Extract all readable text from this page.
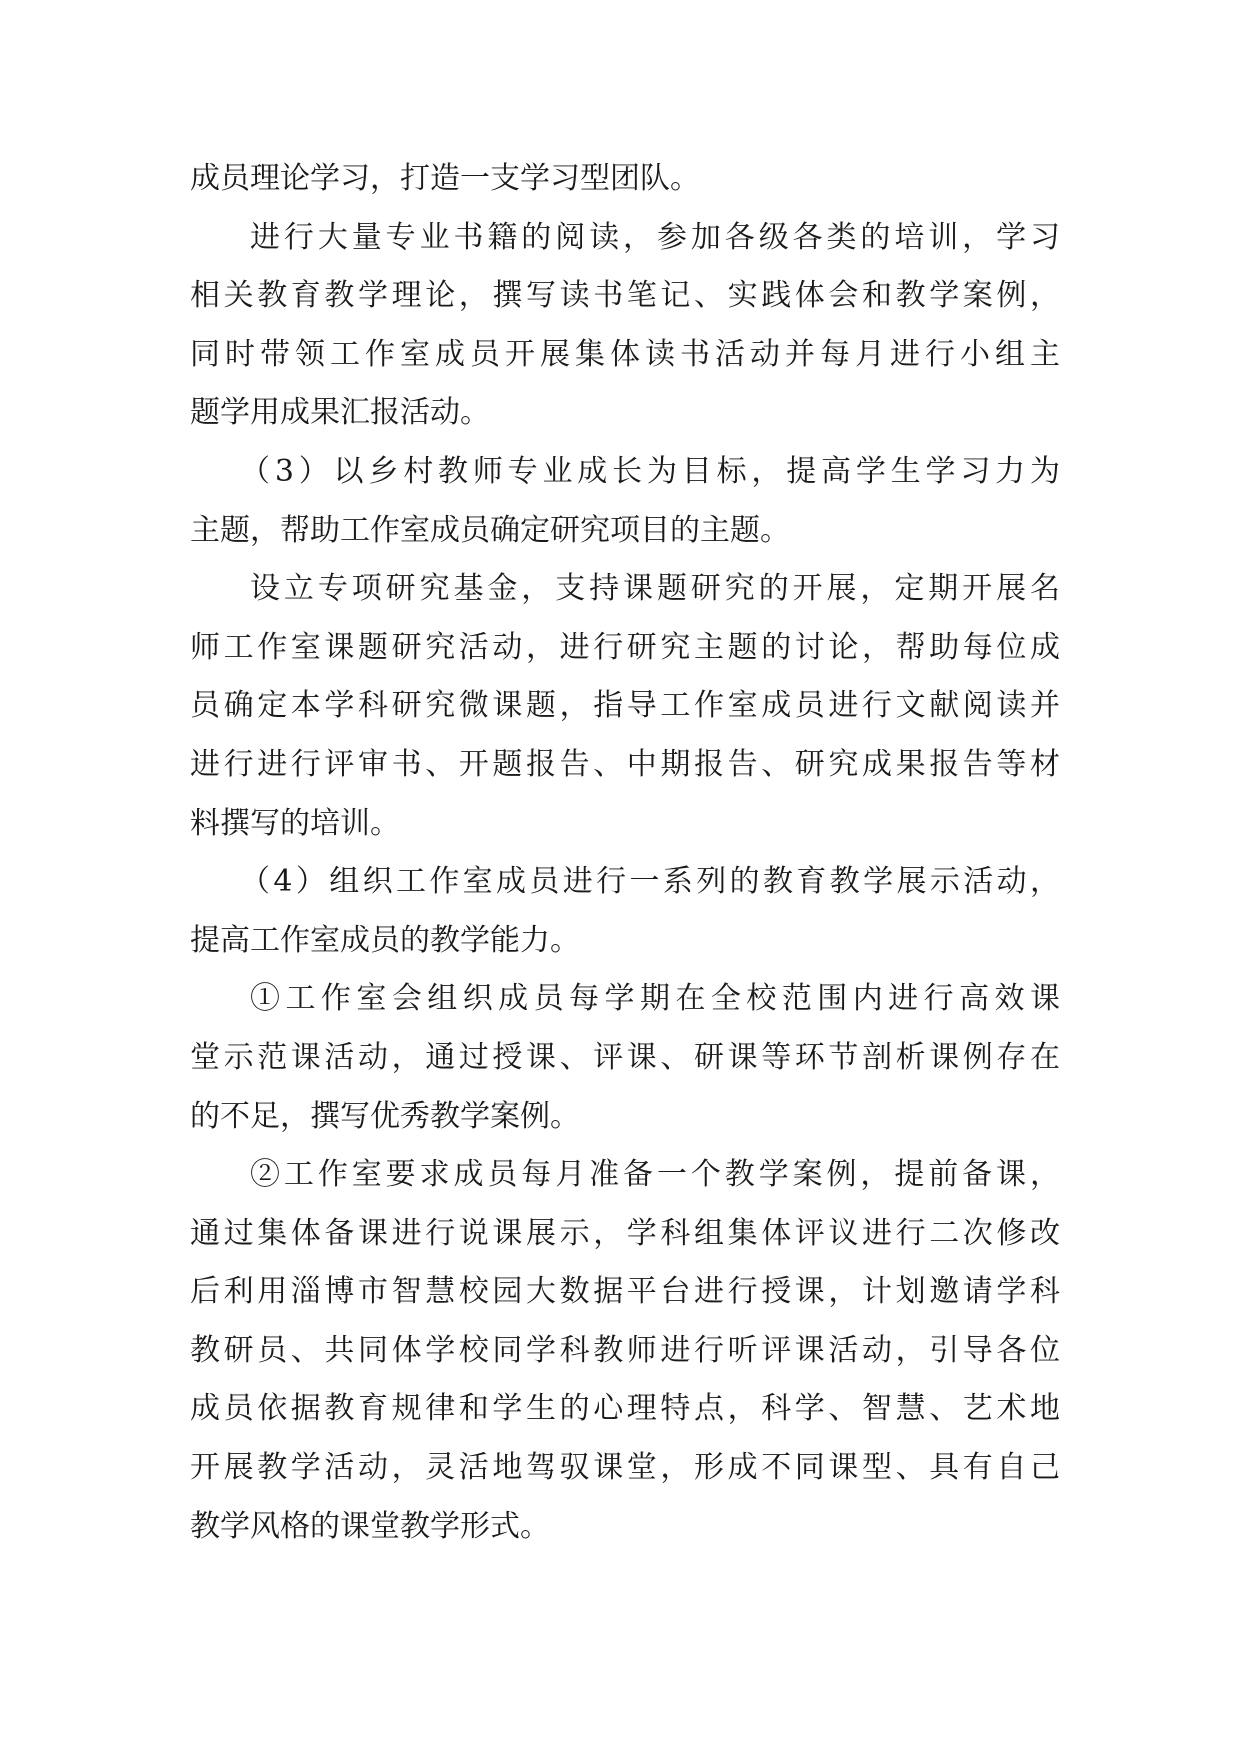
成员理论学习，打造一支学习型团队。
进行大量专业书籍的阅读，参加各级各类的培训，学习
相关教育教学理论，撰写读书笔记、实践体会和教学案例，
同时带领工作室成员开展集体读书活动并每月进行小组主
题学用成果汇报活动。
（3）以乡村教师专业成长为目标，提高学生学习力为
主题，帮助工作室成员确定研究项目的主题。
设立专项研究基金，支持课题研究的开展，定期开展名
师工作室课题研究活动，进行研究主题的讨论，帮助每位成
员确定本学科研究微课题，指导工作室成员进行文献阅读并
进行进行评审书、开题报告、中期报告、研究成果报告等材
料撰写的培训。
（4）组织工作室成员进行一系列的教育教学展示活动，
提高工作室成员的教学能力。
①工作室会组织成员每学期在全校范围内进行高效课
堂示范课活动，通过授课、评课、研课等环节剖析课例存在
的不足，撰写优秀教学案例。
②工作室要求成员每月准备一个教学案例，提前备课，
通过集体备课进行说课展示，学科组集体评议进行二次修改
后利用淄博市智慧校园大数据平台进行授课，计划邀请学科
教研员、共同体学校同学科教师进行听评课活动，引导各位
成员依据教育规律和学生的心理特点，科学、智慧、艺术地
开展教学活动，灵活地驾驭课堂，形成不同课型、具有自己
教学风格的课堂教学形式。
